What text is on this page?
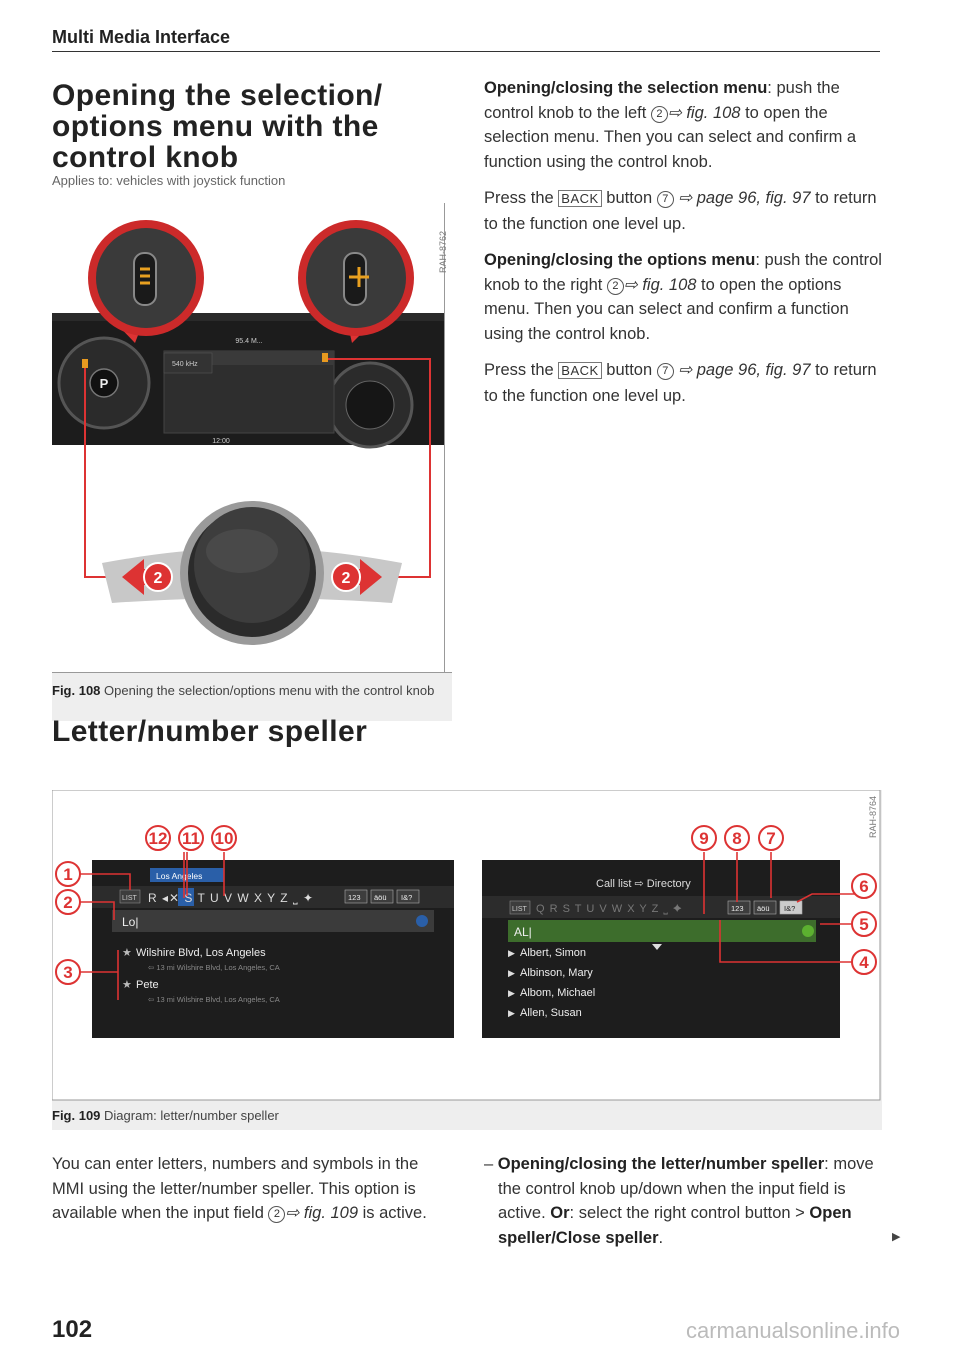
Multi Media Interface
Opening the selection/ options menu with the control knob
Applies to: vehicles with joystick function
P
540 kHz
95.4 M...
12:00
2	2
RAH-8762
Fig. 108 Opening the selection/options menu with the control knob

Opening/closing the selection menu: push the control knob to the left 2 ⇨ fig. 108 to open the selection menu. Then you can select and confirm a function using the control knob.

Press the BACK button 7 ⇨ page 96, fig. 97 to return to the function one level up.

Opening/closing the options menu: push the control knob to the right 2 ⇨ fig. 108 to open the options menu. Then you can select and confirm a function using the control knob.

Press the BACK button 7 ⇨ page 96, fig. 97 to return to the function one level up.

Letter/number speller
Los Angeles
LIST R ◂✕ S T U V W X Y Z ⎵ ✦	123 äöü I&?
Lo|
Wilshire Blvd, Los Angeles
⇦ 13 mi Wilshire Blvd, Los Angeles, CA
Pete
⇦ 13 mi Wilshire Blvd, Los Angeles, CA
★
★
Call list ⇨ Directory
LIST Q R S T U V W X Y Z ⎵ ✦	123 äöü I&?
AL|
Albert, Simon
Albinson, Mary
Albom, Michael
Allen, Susan
▶
▶
▶
▶
1
2
3
4
5
6
7
8
9
10
11
12
RAH-8764
Fig. 109 Diagram: letter/number speller
You can enter letters, numbers and symbols in the MMI using the letter/number speller. This option is available when the input field 2 ⇨ fig. 109 is active.
– Opening/closing the letter/number speller: move the control knob up/down when the input field is active. Or: select the right control button > Open speller/Close speller.	▶
102	carmanualsonline.info
